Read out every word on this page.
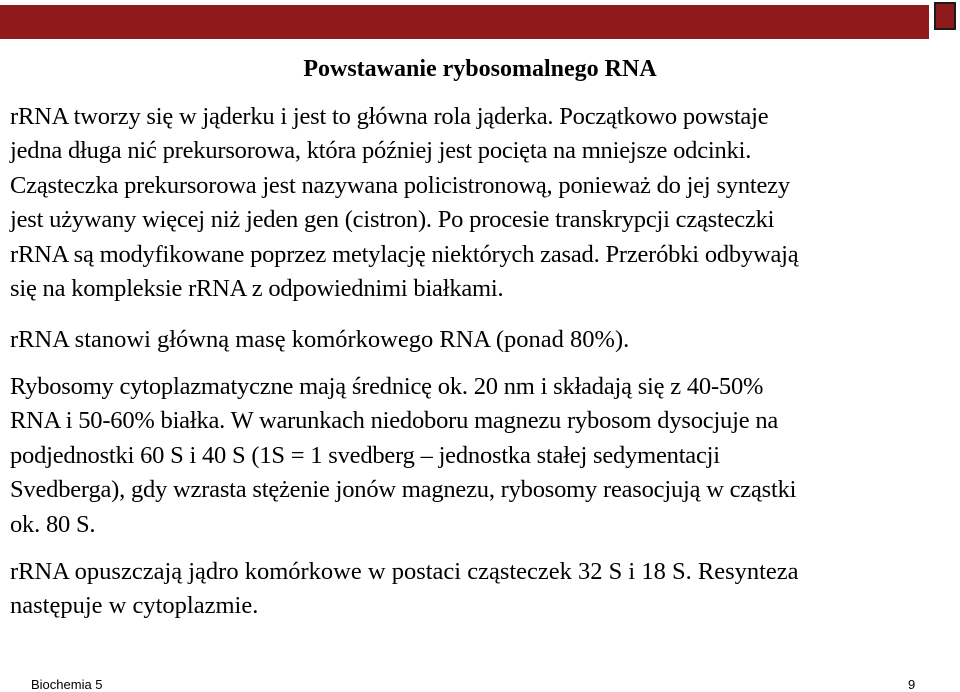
Powstawanie rybosomalnego RNA
rRNA tworzy się w jąderku i jest to główna rola jąderka. Początkowo powstaje
jedna długa nić prekursorowa, która później jest pocięta na mniejsze odcinki.
Cząsteczka prekursorowa jest nazywana policistronową, ponieważ do jej syntezy
jest używany więcej niż jeden gen (cistron). Po procesie transkrypcji cząsteczki
rRNA są modyfikowane poprzez metylację niektórych zasad. Przeróbki odbywają
się na kompleksie rRNA z odpowiednimi białkami.
rRNA stanowi główną masę komórkowego RNA (ponad 80%).
Rybosomy cytoplazmatyczne mają średnicę ok. 20 nm i składają się z 40-50%
RNA i 50-60% białka. W warunkach niedoboru magnezu rybosom dysocjuje na
podjednostki 60 S i 40 S (1S = 1 svedberg – jednostka stałej sedymentacji
Svedberga), gdy wzrasta stężenie jonów magnezu, rybosomy reasocjują w cząstki
ok. 80 S.
rRNA opuszczają jądro komórkowe w postaci cząsteczek 32 S i 18 S. Resynteza
następuje w cytoplazmie.
Biochemia 5	9
